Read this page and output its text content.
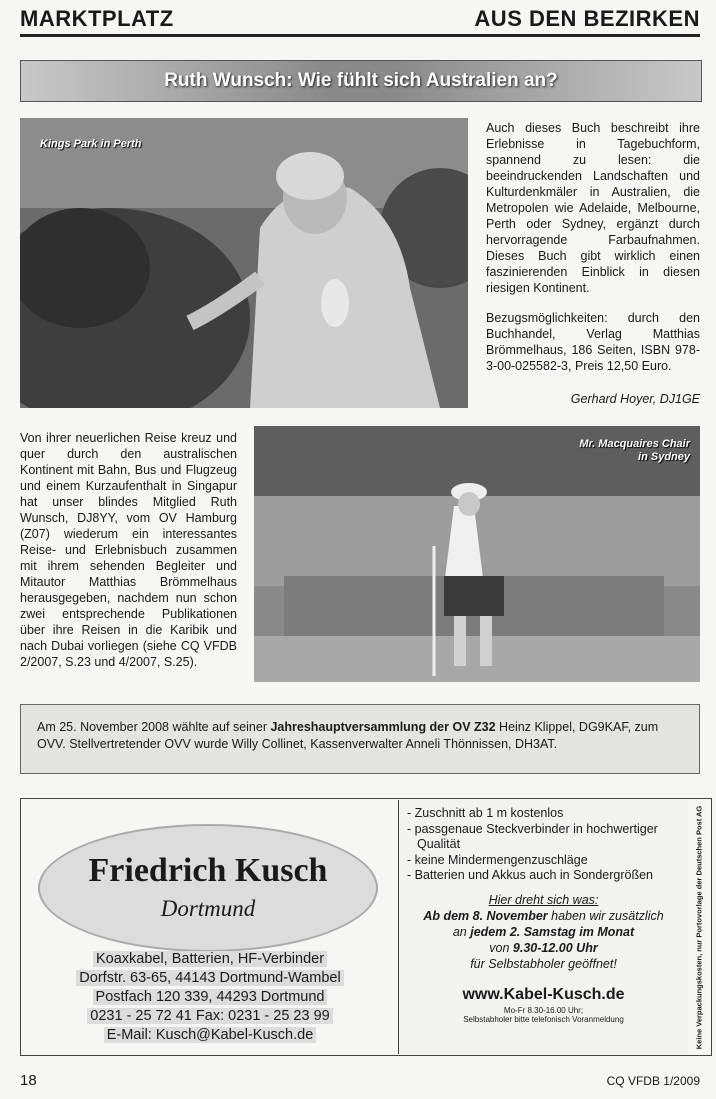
MARKTPLATZ	AUS DEN BEZIRKEN
Ruth Wunsch: Wie fühlt sich Australien an?
Kings Park in Perth
Auch dieses Buch beschreibt ihre Erlebnisse in Tagebuchform, spannend zu lesen: die beeindruckenden Landschaften und Kulturdenkmäler in Australien, die Metropolen wie Adelaide, Melbourne, Perth oder Sydney, ergänzt durch hervorragende Farbaufnahmen. Dieses Buch gibt wirklich einen faszinierenden Einblick in diesen riesigen Kontinent.
Bezugsmöglichkeiten: durch den Buchhandel, Verlag Matthias Brömmelhaus, 186 Seiten, ISBN 978-3-00-025582-3, Preis 12,50 Euro.
Gerhard Hoyer, DJ1GE
Von ihrer neuerlichen Reise kreuz und quer durch den australischen Kontinent mit Bahn, Bus und Flugzeug und einem Kurzaufenthalt in Singapur hat unser blindes Mitglied Ruth Wunsch, DJ8YY, vom OV Hamburg (Z07) wiederum ein interessantes Reise- und Erlebnisbuch zusammen mit ihrem sehenden Begleiter und Mitautor Matthias Brömmelhaus herausgegeben, nachdem nun schon zwei entsprechende Publikationen über ihre Reisen in die Karibik und nach Dubai vorliegen (siehe CQ VFDB 2/2007, S.23 und 4/2007, S.25).
Mr. Macquaires Chair
in Sydney
Am 25. November 2008 wählte auf seiner Jahreshauptversammlung der OV Z32 Heinz Klippel, DG9KAF, zum OVV. Stellvertretender OVV wurde Willy Collinet, Kassenverwalter Anneli Thönnissen, DH3AT.
Friedrich Kusch
Dortmund
Koaxkabel, Batterien, HF-Verbinder
Dorfstr. 63-65, 44143 Dortmund-Wambel
Postfach 120 339, 44293 Dortmund
0231 - 25 72 41 Fax: 0231 - 25 23 99
E-Mail: Kusch@Kabel-Kusch.de
- Zuschnitt ab 1 m kostenlos
- passgenaue Steckverbinder in hochwertiger Qualität
- keine Mindermengenzuschläge
- Batterien und Akkus auch in Sondergrößen
Hier dreht sich was:
Ab dem 8. November haben wir zusätzlich
an jedem 2. Samstag im Monat
von 9.30-12.00 Uhr
für Selbstabholer geöffnet!
www.Kabel-Kusch.de
Mo-Fr 8.30-16.00 Uhr;
Selbstabholer bitte telefonisch Voranmeldung	Keine Verpackungskosten, nur Portovorlage der Deutschen Post AG
18	CQ VFDB 1/2009
